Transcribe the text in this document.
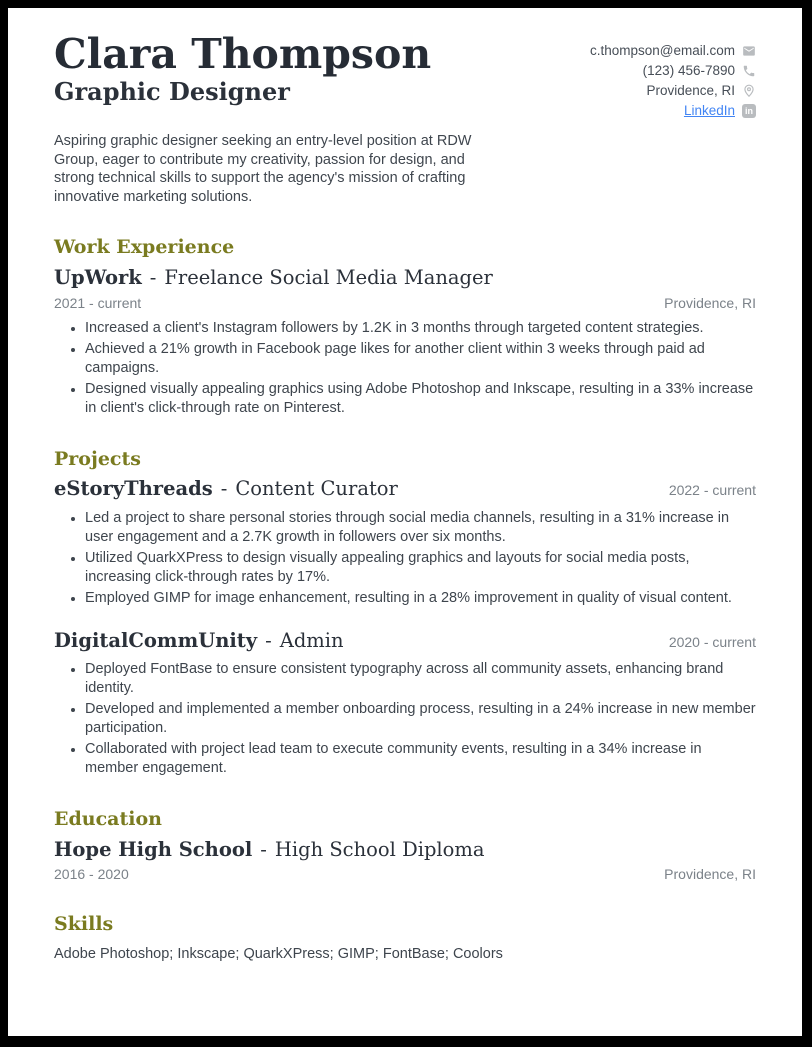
Clara Thompson
Graphic Designer
c.thompson@email.com
(123) 456-7890
Providence, RI
LinkedIn	in

Aspiring graphic designer seeking an entry-level position at RDW Group, eager to contribute my creativity, passion for design, and strong technical skills to support the agency's mission of crafting innovative marketing solutions.

Work Experience
UpWork - Freelance Social Media Manager
2021 - current	Providence, RI
• Increased a client's Instagram followers by 1.2K in 3 months through targeted content strategies.
• Achieved a 21% growth in Facebook page likes for another client within 3 weeks through paid ad campaigns.
• Designed visually appealing graphics using Adobe Photoshop and Inkscape, resulting in a 33% increase in client's click-through rate on Pinterest.
Projects
eStoryThreads - Content Curator	2022 - current
• Led a project to share personal stories through social media channels, resulting in a 31% increase in user engagement and a 2.7K growth in followers over six months.
• Utilized QuarkXPress to design visually appealing graphics and layouts for social media posts, increasing click-through rates by 17%.
• Employed GIMP for image enhancement, resulting in a 28% improvement in quality of visual content.
DigitalCommUnity - Admin	2020 - current
• Deployed FontBase to ensure consistent typography across all community assets, enhancing brand identity.
• Developed and implemented a member onboarding process, resulting in a 24% increase in new member participation.
• Collaborated with project lead team to execute community events, resulting in a 34% increase in member engagement.
Education
Hope High School - High School Diploma
2016 - 2020	Providence, RI
Skills

Adobe Photoshop; Inkscape; QuarkXPress; GIMP; FontBase; Coolors
